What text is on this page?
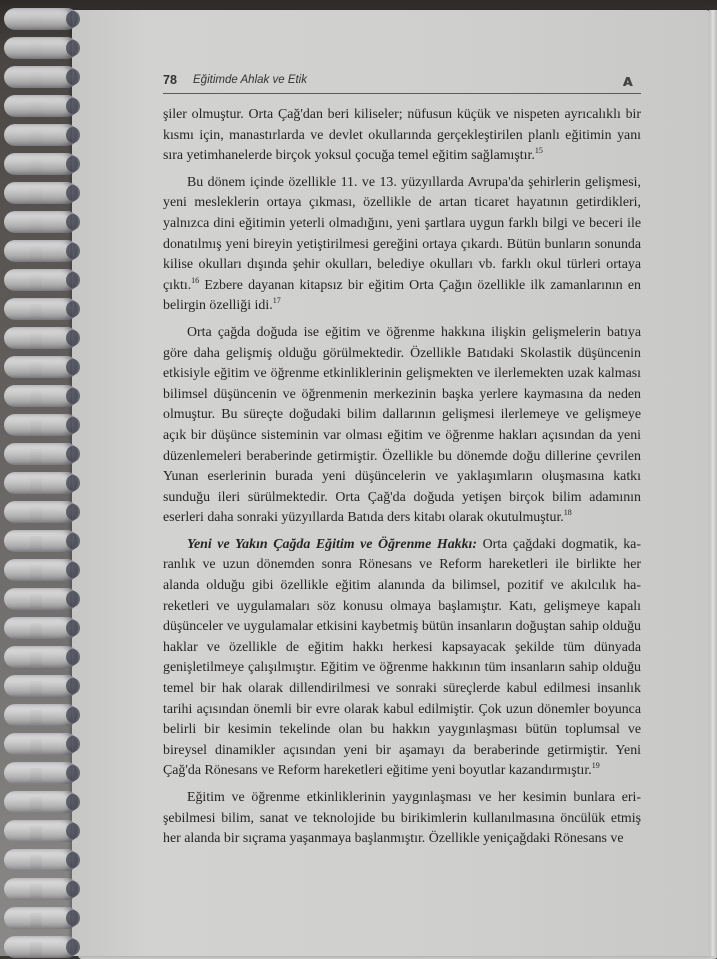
78 Eğitimde Ahlak ve Etik	ᴀ

şiler olmuştur. Orta Çağ'dan beri kiliseler; nüfusun küçük ve nispeten ayrıcalıklı bir kısmı için, manastırlarda ve devlet okullarında gerçekleştirilen planlı eğitimin yanı sıra yetimhanelerde birçok yoksul çocuğa temel eğitim sağlamıştır.$^{15}$

Bu dönem içinde özellikle 11. ve 13. yüzyıllarda Avrupa'da şehirlerin gelişmesi, yeni mesleklerin ortaya çıkması, özellikle de artan ticaret hayatının getirdikleri, yalnızca dini eğitimin yeterli olmadığını, yeni şartlara uygun farklı bilgi ve beceri ile donatılmış yeni bireyin yetiştirilmesi gereğini ortaya çıkardı. Bütün bunların sonunda kilise okulları dışında şehir okulları, belediye okulları vb. farklı okul türleri ortaya çıktı.$^{16}$ Ezbere dayanan kitapsız bir eğitim Orta Çağın özellikle ilk zamanlarının en belirgin özelliği idi.$^{17}$

Orta çağda doğuda ise eğitim ve öğrenme hakkına ilişkin gelişmelerin batıya göre daha gelişmiş olduğu görülmektedir. Özellikle Batıdaki Skolastik düşüncenin etkisiyle eğitim ve öğrenme etkinliklerinin gelişmekten ve ilerlemekten uzak kalması bilimsel düşüncenin ve öğrenmenin merkezinin başka yerlere kaymasına da neden olmuştur. Bu süreçte doğudaki bilim dallarının gelişmesi ilerlemeye ve gelişmeye açık bir düşünce sisteminin var olması eğitim ve öğrenme hakları açısından da yeni düzenlemeleri beraberinde getirmiştir. Özellikle bu dönemde doğu dillerine çevrilen Yunan eserlerinin burada yeni düşüncelerin ve yaklaşımların oluşmasına katkı sunduğu ileri sürülmektedir. Orta Çağ'da doğuda yetişen birçok bilim adamının eserleri daha sonraki yüzyıllarda Batıda ders kitabı olarak okutulmuştur.$^{18}$

Yeni ve Yakın Çağda Eğitim ve Öğrenme Hakkı: Orta çağdaki dogmatik, karanlık ve uzun dönemden sonra Rönesans ve Reform hareketleri ile birlikte her alanda olduğu gibi özellikle eğitim alanında da bilimsel, pozitif ve akılcılık hareketleri ve uygulamaları söz konusu olmaya başlamıştır. Katı, gelişmeye kapalı düşünceler ve uygulamalar etkisini kaybetmiş bütün insanların doğuştan sahip olduğu haklar ve özellikle de eğitim hakkı herkesi kapsayacak şekilde tüm dünyada genişletilmeye çalışılmıştır. Eğitim ve öğrenme hakkının tüm insanların sahip olduğu temel bir hak olarak dillendirilmesi ve sonraki süreçlerde kabul edilmesi insanlık tarihi açısından önemli bir evre olarak kabul edilmiştir. Çok uzun dönemler boyunca belirli bir kesimin tekelinde olan bu hakkın yaygınlaşması bütün toplumsal ve bireysel dinamikler açısından yeni bir aşamayı da beraberinde getirmiştir. Yeni Çağ'da Rönesans ve Reform hareketleri eğitime yeni boyutlar kazandırmıştır.$^{19}$

Eğitim ve öğrenme etkinliklerinin yaygınlaşması ve her kesimin bunlara erişebilmesi bilim, sanat ve teknolojide bu birikimlerin kullanılmasına öncülük etmiş her alanda bir sıçrama yaşanmaya başlanmıştır. Özellikle yeniçağdaki Rönesans ve
